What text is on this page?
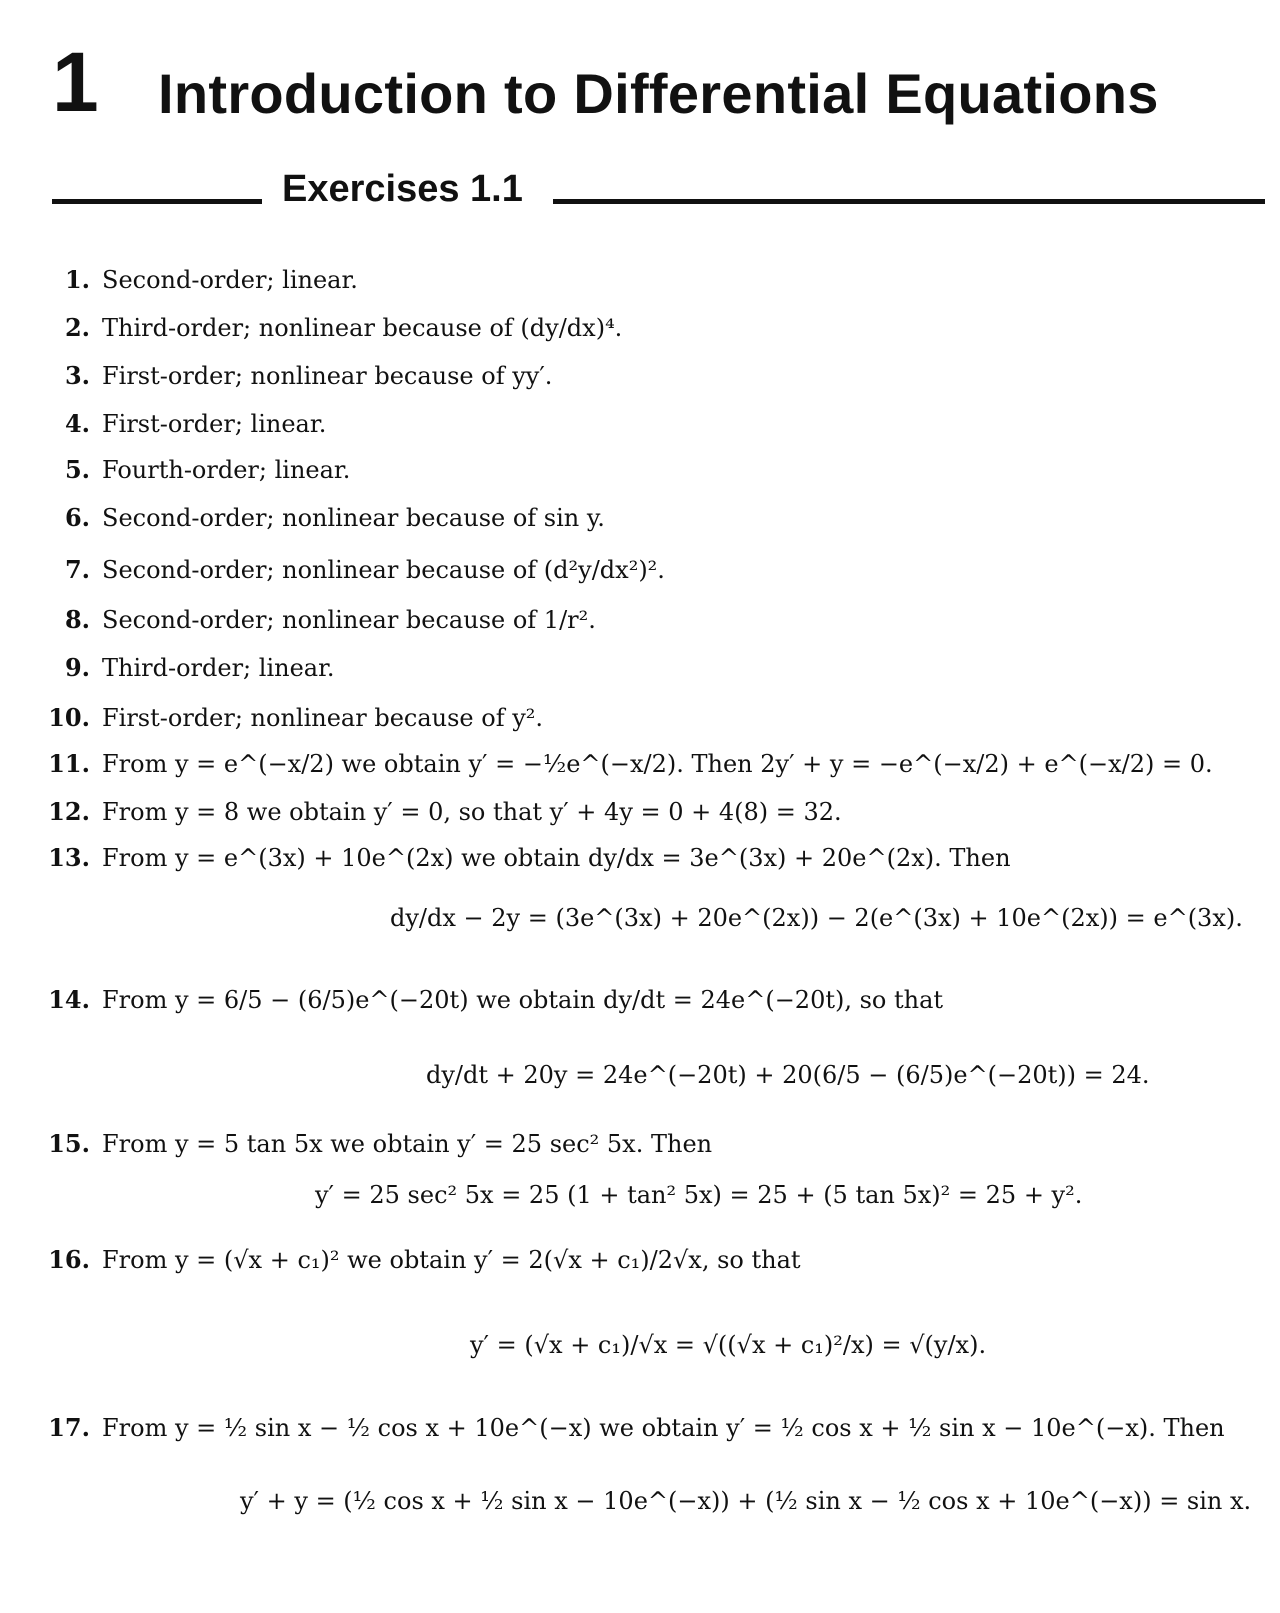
1 Introduction to Differential Equations
Exercises 1.1
1. Second-order; linear.
2. Third-order; nonlinear because of (dy/dx)⁴.
3. First-order; nonlinear because of yy′.
4. First-order; linear.
5. Fourth-order; linear.
6. Second-order; nonlinear because of sin y.
7. Second-order; nonlinear because of (d²y/dx²)².
8. Second-order; nonlinear because of 1/r².
9. Third-order; linear.
10. First-order; nonlinear because of y².
11. From y = e^(−x/2) we obtain y′ = −½e^(−x/2). Then 2y′ + y = −e^(−x/2) + e^(−x/2) = 0.
12. From y = 8 we obtain y′ = 0, so that y′ + 4y = 0 + 4(8) = 32.
13. From y = e^(3x) + 10e^(2x) we obtain dy/dx = 3e^(3x) + 20e^(2x). Then
dy/dx − 2y = (3e^(3x) + 20e^(2x)) − 2(e^(3x) + 10e^(2x)) = e^(3x).
14. From y = 6/5 − (6/5)e^(−20t) we obtain dy/dt = 24e^(−20t), so that
dy/dt + 20y = 24e^(−20t) + 20(6/5 − (6/5)e^(−20t)) = 24.
15. From y = 5 tan 5x we obtain y′ = 25 sec² 5x. Then
y′ = 25 sec² 5x = 25 (1 + tan² 5x) = 25 + (5 tan 5x)² = 25 + y².
16. From y = (√x + c₁)² we obtain y′ = 2(√x + c₁)/2√x, so that
y′ = (√x + c₁)/√x = √((√x + c₁)²/x) = √(y/x).
17. From y = ½ sin x − ½ cos x + 10e^(−x) we obtain y′ = ½ cos x + ½ sin x − 10e^(−x). Then
y′ + y = (½ cos x + ½ sin x − 10e^(−x)) + (½ sin x − ½ cos x + 10e^(−x)) = sin x.
